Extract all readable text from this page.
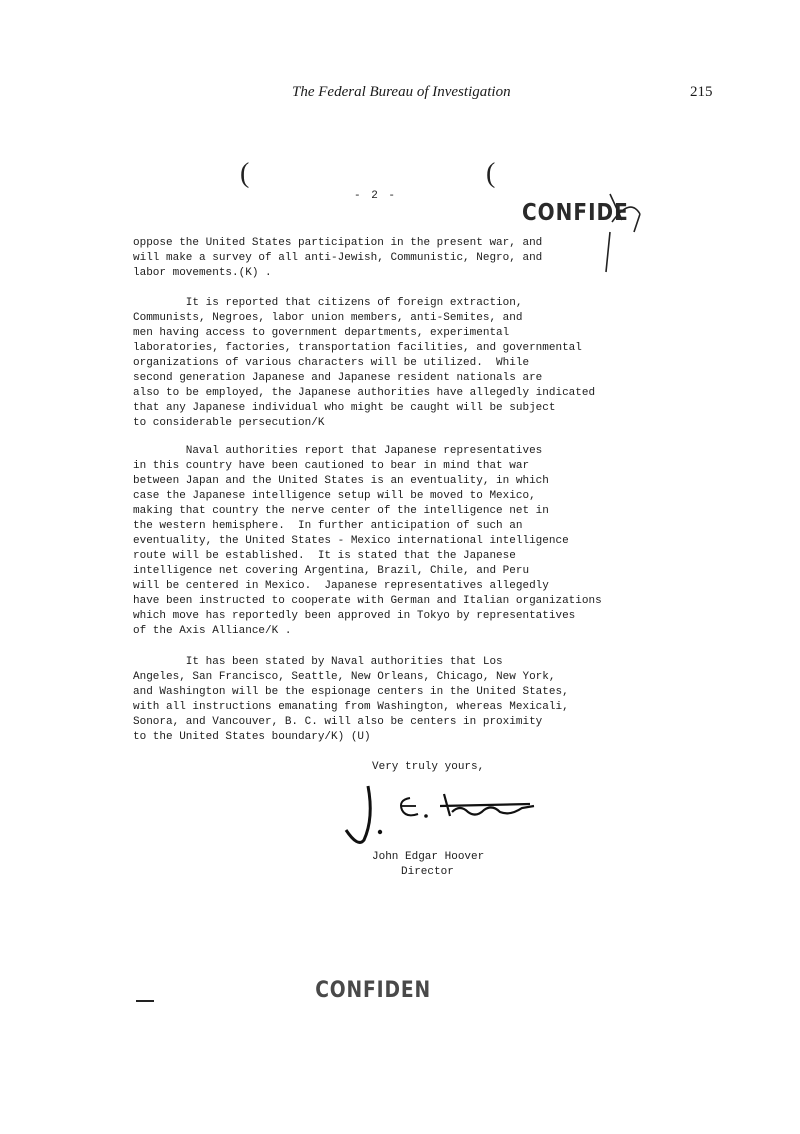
The Federal Bureau of Investigation	215
(	(
- 2 -
CONFIDE
oppose the United States participation in the present war, and
will make a survey of all anti-Jewish, Communistic, Negro, and
labor movements.(K) .
It is reported that citizens of foreign extraction,
Communists, Negroes, labor union members, anti-Semites, and
men having access to government departments, experimental
laboratories, factories, transportation facilities, and governmental
organizations of various characters will be utilized.  While
second generation Japanese and Japanese resident nationals are
also to be employed, the Japanese authorities have allegedly indicated
that any Japanese individual who might be caught will be subject
to considerable persecution/K
Naval authorities report that Japanese representatives
in this country have been cautioned to bear in mind that war
between Japan and the United States is an eventuality, in which
case the Japanese intelligence setup will be moved to Mexico,
making that country the nerve center of the intelligence net in
the western hemisphere.  In further anticipation of such an
eventuality, the United States - Mexico international intelligence
route will be established.  It is stated that the Japanese
intelligence net covering Argentina, Brazil, Chile, and Peru
will be centered in Mexico.  Japanese representatives allegedly
have been instructed to cooperate with German and Italian organizations
which move has reportedly been approved in Tokyo by representatives
of the Axis Alliance/K .
It has been stated by Naval authorities that Los
Angeles, San Francisco, Seattle, New Orleans, Chicago, New York,
and Washington will be the espionage centers in the United States,
with all instructions emanating from Washington, whereas Mexicali,
Sonora, and Vancouver, B. C. will also be centers in proximity
to the United States boundary/K) (U)
Very truly yours,
John Edgar Hoover
Director
CONFIDEN
